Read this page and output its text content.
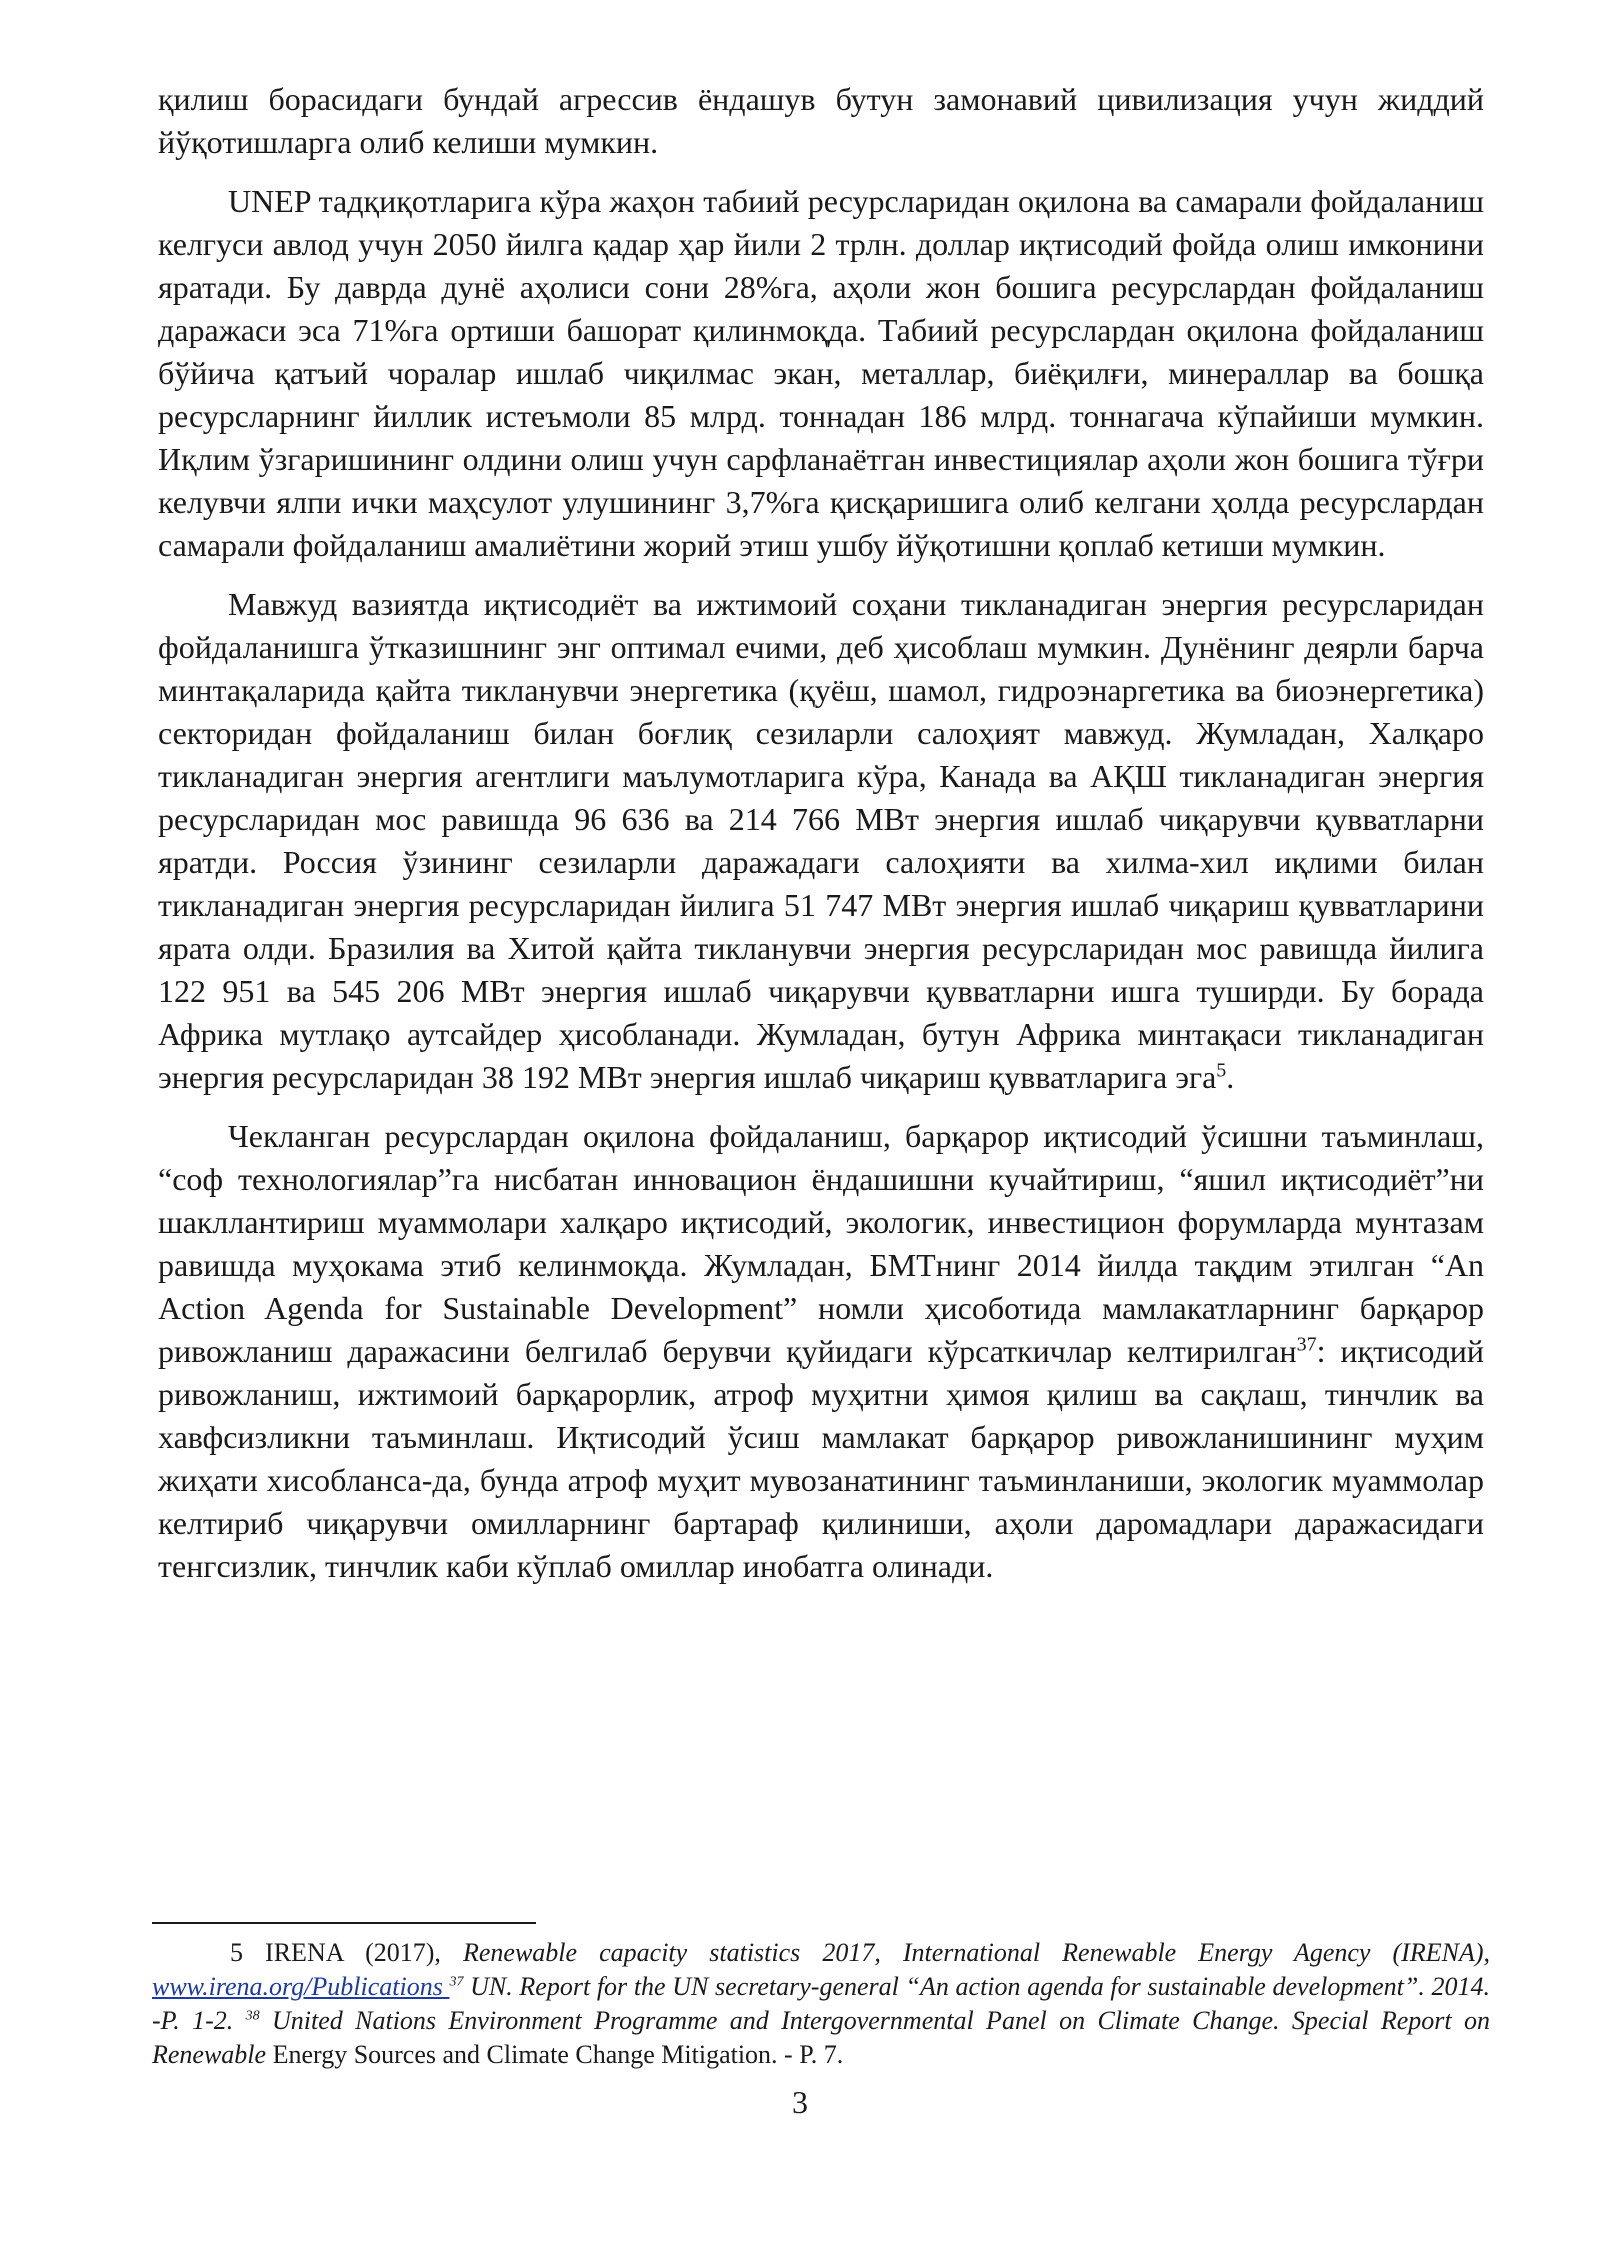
қилиш борасидаги бундай агрессив ёндашув бутун замонавий цивилизация учун жиддий йўқотишларга олиб келиши мумкин.

UNEP тадқиқотларига кўра жаҳон табиий ресурсларидан оқилона ва самарали фойдаланиш келгуси авлод учун 2050 йилга қадар ҳар йили 2 трлн. доллар иқтисодий фойда олиш имконини яратади. Бу даврда дунё аҳолиси сони 28%га, аҳоли жон бошига ресурслардан фойдаланиш даражаси эса 71%га ортиши башорат қилинмоқда. Табиий ресурслардан оқилона фойдаланиш бўйича қатъий чоралар ишлаб чиқилмас экан, металлар, биёқилғи, минераллар ва бошқа ресурсларнинг йиллик истеъмоли 85 млрд. тоннадан 186 млрд. тоннагача кўпайиши мумкин. Иқлим ўзгаришининг олдини олиш учун сарфланаётган инвестициялар аҳоли жон бошига тўғри келувчи ялпи ички маҳсулот улушининг 3,7%га қисқаришига олиб келгани ҳолда ресурслардан самарали фойдаланиш амалиётини жорий этиш ушбу йўқотишни қоплаб кетиши мумкин.

Мавжуд вазиятда иқтисодиёт ва ижтимоий соҳани тикланадиган энергия ресурсларидан фойдаланишга ўтказишнинг энг оптимал ечими, деб ҳисоблаш мумкин. Дунёнинг деярли барча минтақаларида қайта тикланувчи энергетика (қуёш, шамол, гидроэнаргетика ва биоэнергетика) секторидан фойдаланиш билан боғлиқ сезиларли салоҳият мавжуд. Жумладан, Халқаро тикланадиган энергия агентлиги маълумотларига кўра, Канада ва АҚШ тикланадиган энергия ресурсларидан мос равишда 96 636 ва 214 766 МВт энергия ишлаб чиқарувчи қувватларни яратди. Россия ўзининг сезиларли даражадаги салоҳияти ва хилма-хил иқлими билан тикланадиган энергия ресурсларидан йилига 51 747 МВт энергия ишлаб чиқариш қувватларини ярата олди. Бразилия ва Хитой қайта тикланувчи энергия ресурсларидан мос равишда йилига 122 951 ва 545 206 МВт энергия ишлаб чиқарувчи қувватларни ишга туширди. Бу борада Африка мутлақо аутсайдер ҳисобланади. Жумладан, бутун Африка минтақаси тикланадиган энергия ресурсларидан 38 192 МВт энергия ишлаб чиқариш қувватларига эга$^5$.

Чекланган ресурслардан оқилона фойдаланиш, барқарор иқтисодий ўсишни таъминлаш, “соф технологиялар”га нисбатан инновацион ёндашишни кучайтириш, “яшил иқтисодиёт”ни шакллантириш муаммолари халқаро иқтисодий, экологик, инвестицион форумларда мунтазам равишда муҳокама этиб келинмоқда. Жумладан, БМТнинг 2014 йилда тақдим этилган “An Action Agenda for Sustainable Development” номли ҳисоботида мамлакатларнинг барқарор ривожланиш даражасини белгилаб берувчи қуйидаги кўрсаткичлар келтирилган$^{37}$: иқтисодий ривожланиш, ижтимоий барқарорлик, атроф муҳитни ҳимоя қилиш ва сақлаш, тинчлик ва хавфсизликни таъминлаш. Иқтисодий ўсиш мамлакат барқарор ривожланишининг муҳим жиҳати хисобланса-да, бунда атроф муҳит мувозанатининг таъминланиши, экологик муаммолар келтириб чиқарувчи омилларнинг бартараф қилиниши, аҳоли даромадлари даражасидаги тенгсизлик, тинчлик каби кўплаб омиллар инобатга олинади.

5 IRENA (2017), Renewable capacity statistics 2017, International Renewable Energy Agency (IRENA), www.irena.org/Publications $^{37}$ UN. Report for the UN secretary-general “An action agenda for sustainable development”. 2014. -P. 1-2. $^{38}$ United Nations Environment Programme and Intergovernmental Panel on Climate Change. Special Report on Renewable Energy Sources and Climate Change Mitigation. - P. 7.

3
